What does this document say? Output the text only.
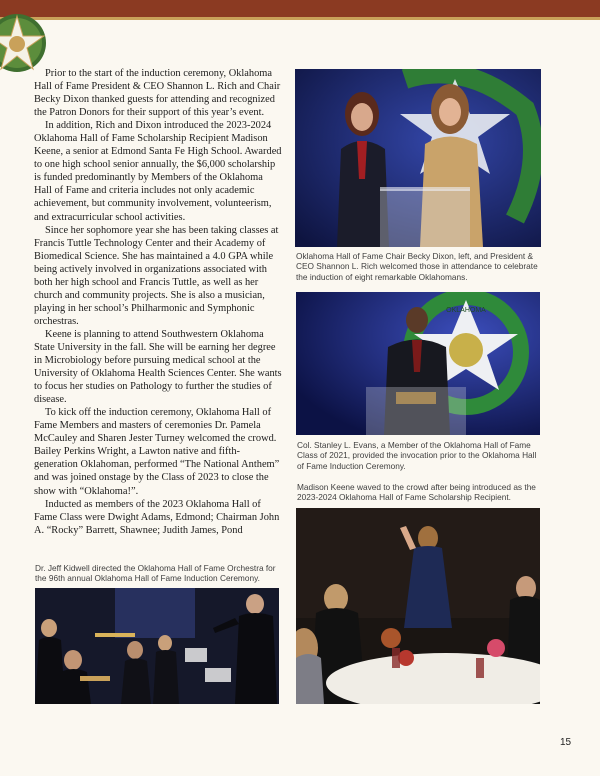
Prior to the start of the induction ceremony, Oklahoma Hall of Fame President & CEO Shannon L. Rich and Chair Becky Dixon thanked guests for attending and recognized the Patron Donors for their support of this year’s event.

In addition, Rich and Dixon introduced the 2023-2024 Oklahoma Hall of Fame Scholarship Recipient Madison Keene, a senior at Edmond Santa Fe High School. Awarded to one high school senior annually, the $6,000 scholarship is funded predominantly by Members of the Oklahoma Hall of Fame and criteria includes not only academic achievement, but community involvement, volunteerism, and extracurricular school activities.

Since her sophomore year she has been taking classes at Francis Tuttle Technology Center and their Academy of Biomedical Science. She has maintained a 4.0 GPA while being actively involved in organizations associated with both her high school and Francis Tuttle, as well as her church and community projects. She is also a musician, playing in her school’s Philharmonic and Symphonic orchestras.

Keene is planning to attend Southwestern Oklahoma State University in the fall. She will be earning her degree in Microbiology before pursuing medical school at the University of Oklahoma Health Sciences Center. She wants to focus her studies on Pathology to further the studies of disease.

To kick off the induction ceremony, Oklahoma Hall of Fame Members and masters of ceremonies Dr. Pamela McCauley and Sharen Jester Turney welcomed the crowd. Bailey Perkins Wright, a Lawton native and fifth-generation Oklahoman, performed “The National Anthem” and was joined onstage by the Class of 2023 to close the show with “Oklahoma!”.

Inducted as members of the 2023 Oklahoma Hall of Fame Class were Dwight Adams, Edmond; Chairman John A. “Rocky” Barrett, Shawnee; Judith James, Pond

Oklahoma Hall of Fame Chair Becky Dixon, left, and President & CEO Shannon L. Rich welcomed those in attendance to celebrate the induction of eight remarkable Oklahomans.
OKLAHOMA
Col. Stanley L. Evans, a Member of the Oklahoma Hall of Fame Class of 2021, provided the invocation prior to the Oklahoma Hall of Fame Induction Ceremony.
Madison Keene waved to the crowd after being introduced as the 2023-2024 Oklahoma Hall of Fame Scholarship Recipient.
Dr. Jeff Kidwell directed the Oklahoma Hall of Fame Orchestra for the 96th annual Oklahoma Hall of Fame Induction Ceremony.
15
